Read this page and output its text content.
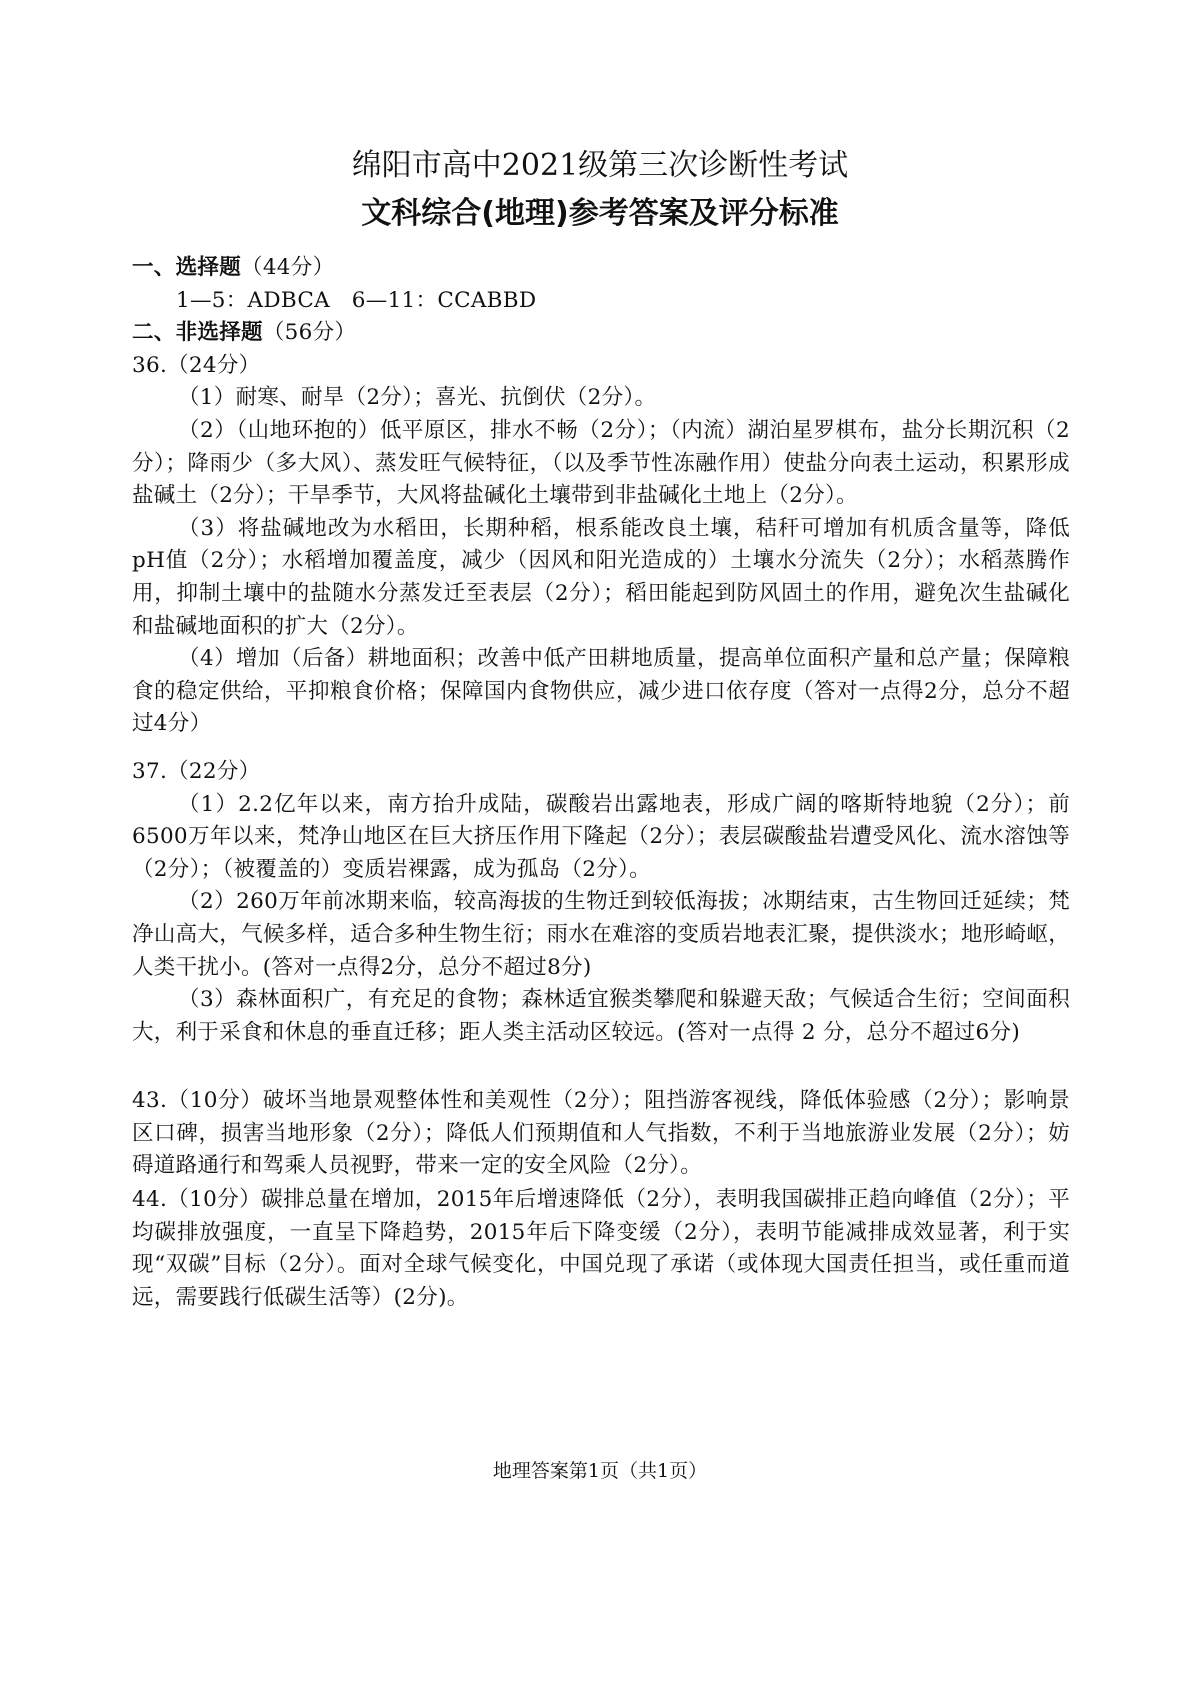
绵阳市高中2021级第三次诊断性考试
文科综合(地理)参考答案及评分标准

一、选择题（44分）

1—5：ADBCA　6—11：CCABBD

二、非选择题（56分）

36.（24分）

（1）耐寒、耐旱（2分）；喜光、抗倒伏（2分）。

（2）（山地环抱的）低平原区，排水不畅（2分）；（内流）湖泊星罗棋布，盐分长期沉积（2分）；降雨少（多大风）、蒸发旺气候特征，（以及季节性冻融作用）使盐分向表土运动，积累形成盐碱土（2分）；干旱季节，大风将盐碱化土壤带到非盐碱化土地上（2分）。

（3）将盐碱地改为水稻田，长期种稻，根系能改良土壤，秸秆可增加有机质含量等，降低pH值（2分）；水稻增加覆盖度，减少（因风和阳光造成的）土壤水分流失（2分）；水稻蒸腾作用，抑制土壤中的盐随水分蒸发迁至表层（2分）；稻田能起到防风固土的作用，避免次生盐碱化和盐碱地面积的扩大（2分）。

（4）增加（后备）耕地面积；改善中低产田耕地质量，提高单位面积产量和总产量；保障粮食的稳定供给，平抑粮食价格；保障国内食物供应，减少进口依存度（答对一点得2分，总分不超过4分）

37.（22分）

（1）2.2亿年以来，南方抬升成陆，碳酸岩出露地表，形成广阔的喀斯特地貌（2分）；前6500万年以来，梵净山地区在巨大挤压作用下隆起（2分）；表层碳酸盐岩遭受风化、流水溶蚀等（2分）；（被覆盖的）变质岩裸露，成为孤岛（2分）。

（2）260万年前冰期来临，较高海拔的生物迁到较低海拔；冰期结束，古生物回迁延续；梵净山高大，气候多样，适合多种生物生衍；雨水在难溶的变质岩地表汇聚，提供淡水；地形崎岖，人类干扰小。(答对一点得2分，总分不超过8分)

（3）森林面积广，有充足的食物；森林适宜猴类攀爬和躲避天敌；气候适合生衍；空间面积大，利于采食和休息的垂直迁移；距人类主活动区较远。(答对一点得 2 分，总分不超过6分)

43.（10分）破坏当地景观整体性和美观性（2分）；阻挡游客视线，降低体验感（2分）；影响景区口碑，损害当地形象（2分）；降低人们预期值和人气指数，不利于当地旅游业发展（2分）；妨碍道路通行和驾乘人员视野，带来一定的安全风险（2分）。

44.（10分）碳排总量在增加，2015年后增速降低（2分），表明我国碳排正趋向峰值（2分）；平均碳排放强度，一直呈下降趋势，2015年后下降变缓（2分），表明节能减排成效显著，利于实现“双碳”目标（2分）。面对全球气候变化，中国兑现了承诺（或体现大国责任担当，或任重而道远，需要践行低碳生活等）(2分)。

地理答案第1页（共1页）
